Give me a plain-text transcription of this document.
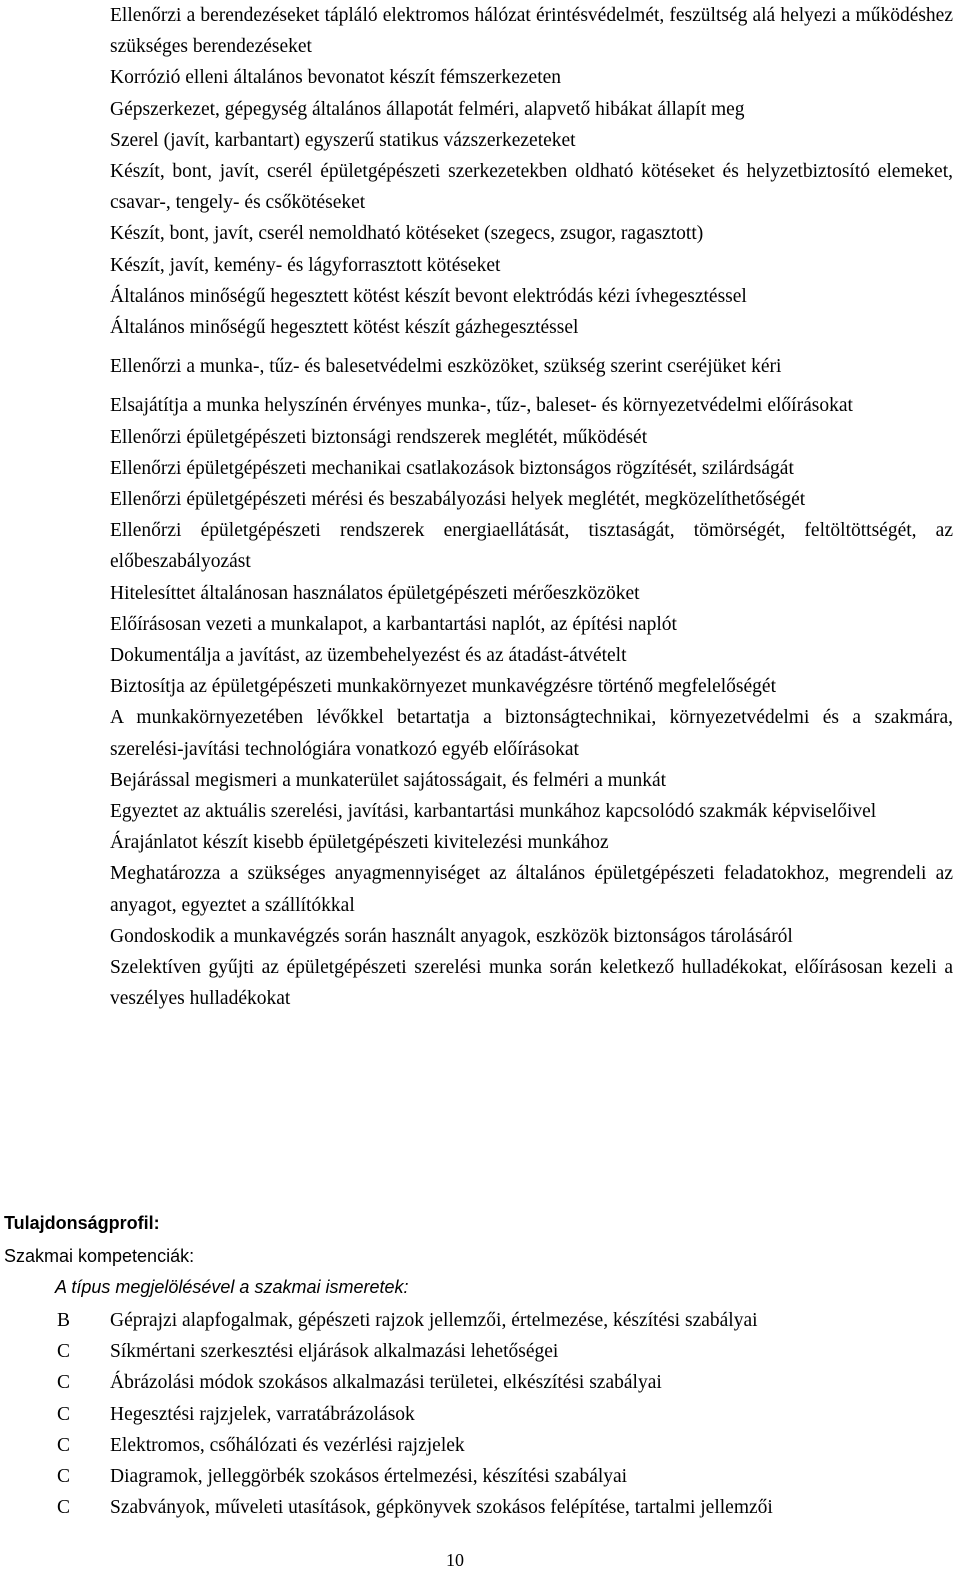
Ellenőrzi a berendezéseket tápláló elektromos hálózat érintésvédelmét, feszültség alá helyezi a működéshez szükséges berendezéseket

Korrózió elleni általános bevonatot készít fémszerkezeten

Gépszerkezet, gépegység általános állapotát felméri, alapvető hibákat állapít meg

Szerel (javít, karbantart) egyszerű statikus vázszerkezeteket

Készít, bont, javít, cserél épületgépészeti szerkezetekben oldható kötéseket és helyzetbiztosító elemeket, csavar-, tengely- és csőkötéseket

Készít, bont, javít, cserél nemoldható kötéseket (szegecs, zsugor, ragasztott)

Készít, javít, kemény- és lágyforrasztott kötéseket

Általános minőségű hegesztett kötést készít bevont elektródás kézi ívhegesztéssel

Általános minőségű hegesztett kötést készít gázhegesztéssel

Ellenőrzi a munka-, tűz- és balesetvédelmi eszközöket, szükség szerint cseréjüket kéri

Elsajátítja a munka helyszínén érvényes munka-, tűz-, baleset- és környezetvédelmi előírásokat

Ellenőrzi épületgépészeti biztonsági rendszerek meglétét, működését

Ellenőrzi épületgépészeti mechanikai csatlakozások biztonságos rögzítését, szilárdságát

Ellenőrzi épületgépészeti mérési és beszabályozási helyek meglétét, megközelíthetőségét

Ellenőrzi épületgépészeti rendszerek energiaellátását, tisztaságát, tömörségét, feltöltöttségét, az előbeszabályozást

Hitelesíttet általánosan használatos épületgépészeti mérőeszközöket

Előírásosan vezeti a munkalapot, a karbantartási naplót, az építési naplót

Dokumentálja a javítást, az üzembehelyezést és az átadást-átvételt

Biztosítja az épületgépészeti munkakörnyezet munkavégzésre történő megfelelőségét

A munkakörnyezetében lévőkkel betartatja a biztonságtechnikai, környezetvédelmi és a szakmára, szerelési-javítási technológiára vonatkozó egyéb előírásokat

Bejárással megismeri a munkaterület sajátosságait, és felméri a munkát

Egyeztet az aktuális szerelési, javítási, karbantartási munkához kapcsolódó szakmák képviselőivel

Árajánlatot készít kisebb épületgépészeti kivitelezési munkához

Meghatározza a szükséges anyagmennyiséget az általános épületgépészeti feladatokhoz, megrendeli az anyagot, egyeztet a szállítókkal

Gondoskodik a munkavégzés során használt anyagok, eszközök biztonságos tárolásáról

Szelektíven gyűjti az épületgépészeti szerelési munka során keletkező hulladékokat, előírásosan kezeli a veszélyes hulladékokat

Tulajdonságprofil:

Szakmai kompetenciák:

A típus megjelölésével a szakmai ismeretek:

B Géprajzi alapfogalmak, gépészeti rajzok jellemzői, értelmezése, készítési szabályai
C Síkmértani szerkesztési eljárások alkalmazási lehetőségei
C Ábrázolási módok szokásos alkalmazási területei, elkészítési szabályai
C Hegesztési rajzjelek, varratábrázolások
C Elektromos, csőhálózati és vezérlési rajzjelek
C Diagramok, jelleggörbék szokásos értelmezési, készítési szabályai
C Szabványok, műveleti utasítások, gépkönyvek szokásos felépítése, tartalmi jellemzői
10
